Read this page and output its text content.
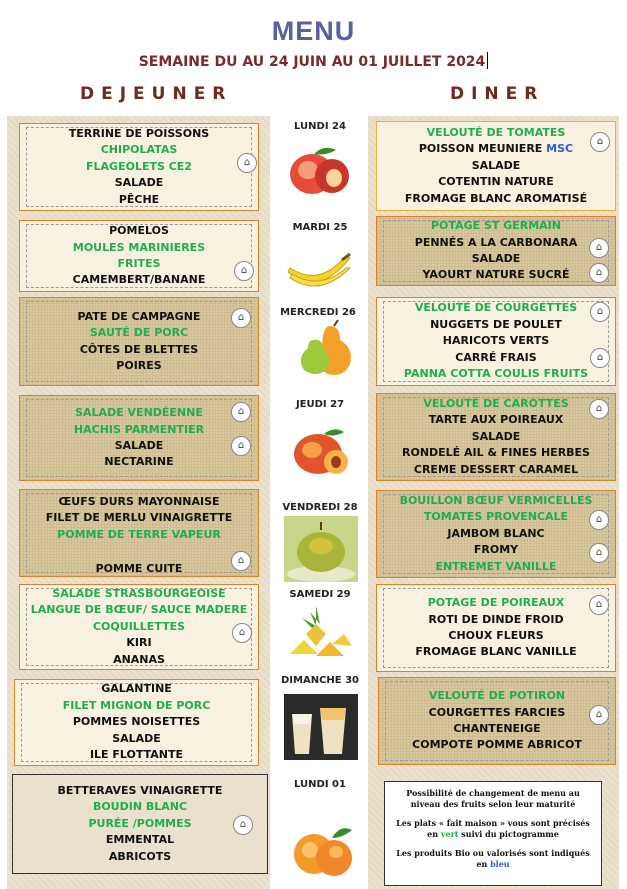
MENU
SEMAINE DU AU 24 JUIN AU 01 JUILLET 2024
DEJEUNER	DINER
TERRINE DE POISSONS
CHIPOLATAS
FLAGEOLETS CE2
SALADE
PÊCHE
⌂
POMELOS
MOULES MARINIERES
FRITES
CAMEMBERT/BANANE
⌂
PATE DE CAMPAGNE
SAUTÉ DE PORC
CÔTES DE BLETTES
POIRES
⌂
SALADE VENDÉENNE
HACHIS PARMENTIER
SALADE
NECTARINE
⌂
⌂
ŒUFS DURS MAYONNAISE
FILET DE MERLU VINAIGRETTE
POMME DE TERRE VAPEUR
POMME CUITE
⌂
SALADE STRASBOURGEOISE
LANGUE DE BŒUF/ SAUCE MADERE
COQUILLETTES
KIRI
ANANAS
⌂
GALANTINE
FILET MIGNON DE PORC
POMMES NOISETTES
SALADE
ILE FLOTTANTE
BETTERAVES VINAIGRETTE
BOUDIN BLANC
PURÉE /POMMES
EMMENTAL
ABRICOTS
⌂
VELOUTÉ DE TOMATES
POISSON MEUNIERE MSC
SALADE
COTENTIN NATURE
FROMAGE BLANC AROMATISÉ
⌂
POTAGE ST GERMAIN
PENNÉS A LA CARBONARA
SALADE
YAOURT NATURE SUCRÉ
⌂
⌂
VELOUTÉ DE COURGETTES
NUGGETS DE POULET
HARICOTS VERTS
CARRÉ FRAIS
PANNA COTTA COULIS FRUITS
⌂
⌂
VELOUTÉ DE CAROTTES
TARTE AUX POIREAUX
SALADE
RONDELÉ AIL & FINES HERBES
CREME DESSERT CARAMEL
⌂
BOUILLON BŒUF VERMICELLES
TOMATES PROVENCALE
JAMBOM BLANC
FROMY
ENTREMET VANILLE
⌂
⌂
POTAGE DE POIREAUX
ROTI DE DINDE FROID
CHOUX FLEURS
FROMAGE BLANC VANILLE
⌂
VELOUTÉ DE POTIRON
COURGETTES FARCIES
CHANTENEIGE
COMPOTE POMME ABRICOT
⌂

Possibilité de changement de menu au niveau des fruits selon leur maturité

Les plats « fait maison » vous sont précisés en vert suivi du pictogramme

Les produits Bio ou valorisés sont indiqués en bleu

LUNDI 24
MARDI 25
MERCREDI 26
JEUDI 27
VENDREDI 28
SAMEDI 29
DIMANCHE 30
LUNDI 01
